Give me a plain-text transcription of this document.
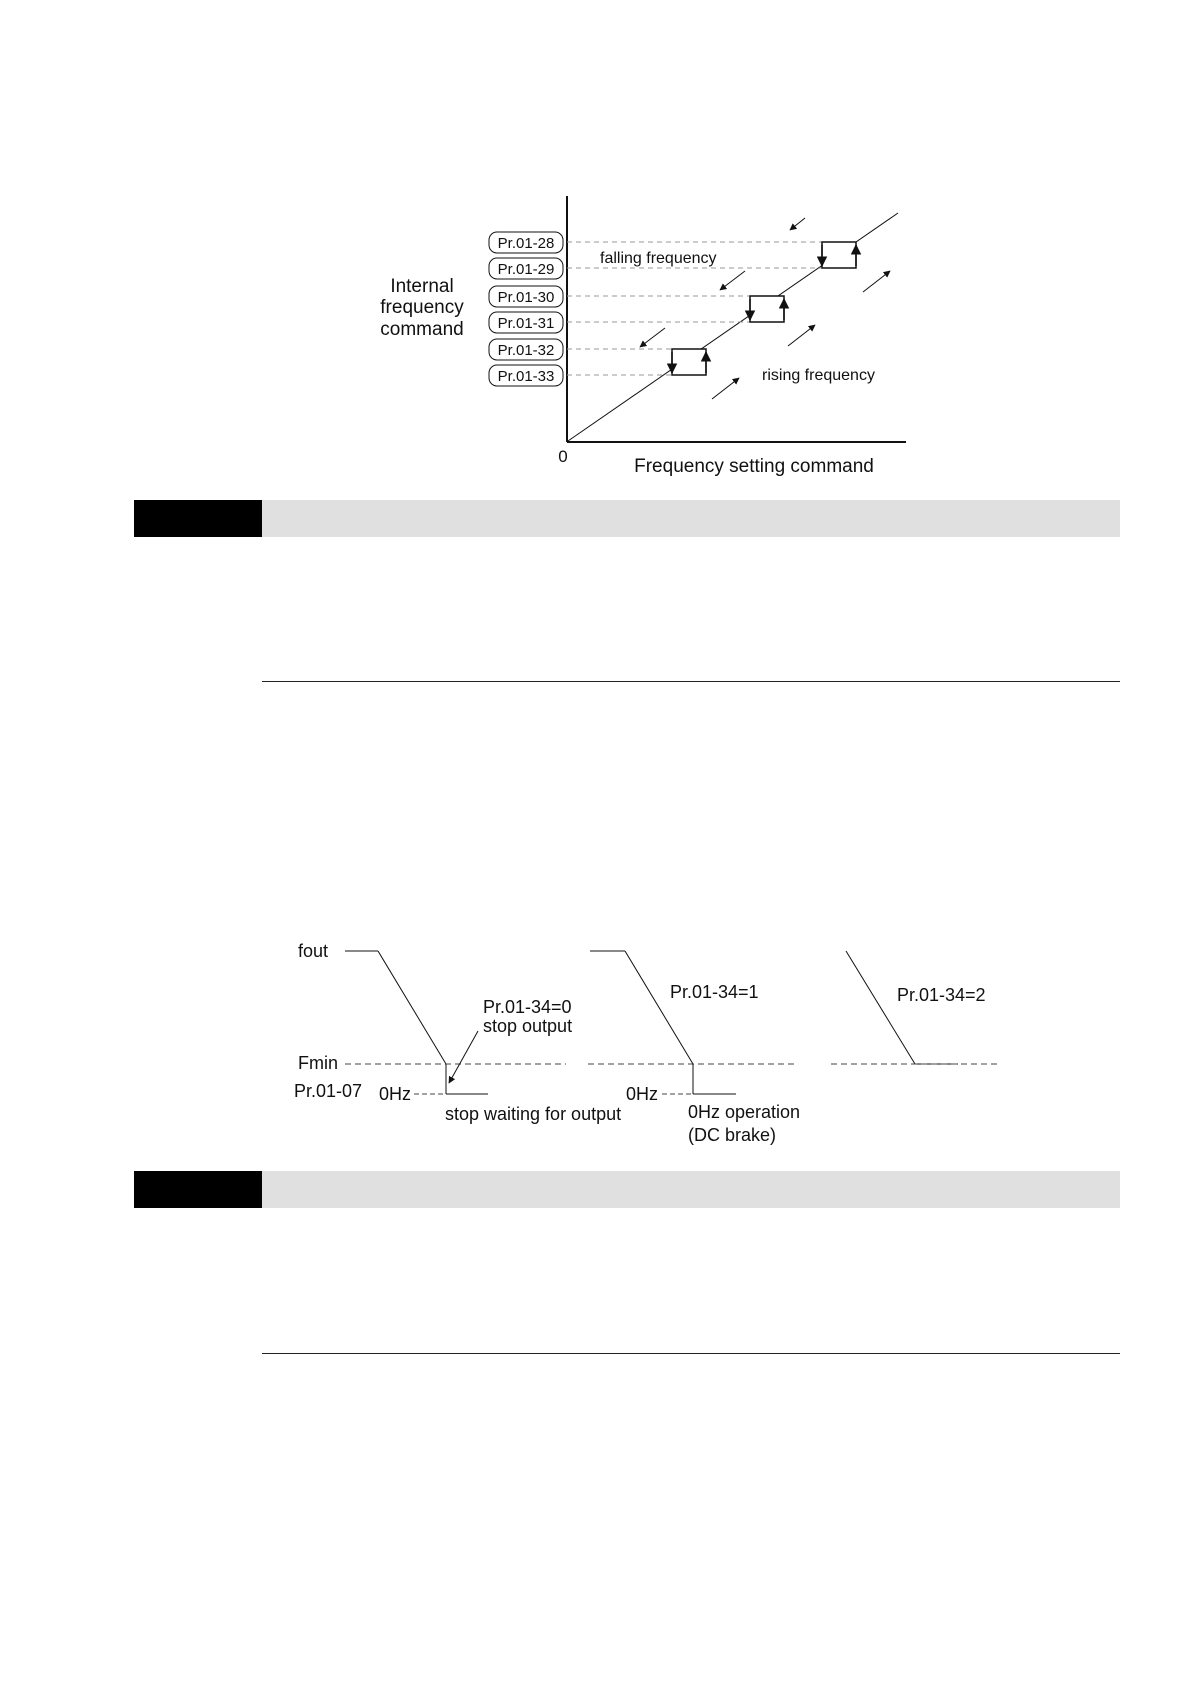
Pr.01-28
Pr.01-29
Pr.01-30
Pr.01-31
Pr.01-32
Pr.01-33
falling frequency
rising frequency
Internal
frequency
command
0	Frequency setting command
fout
Fmin
Pr.01-07
Pr.01-34=0
stop output
0Hz
stop waiting for output
Pr.01-34=1
0Hz
0Hz operation
(DC brake)
Pr.01-34=2
